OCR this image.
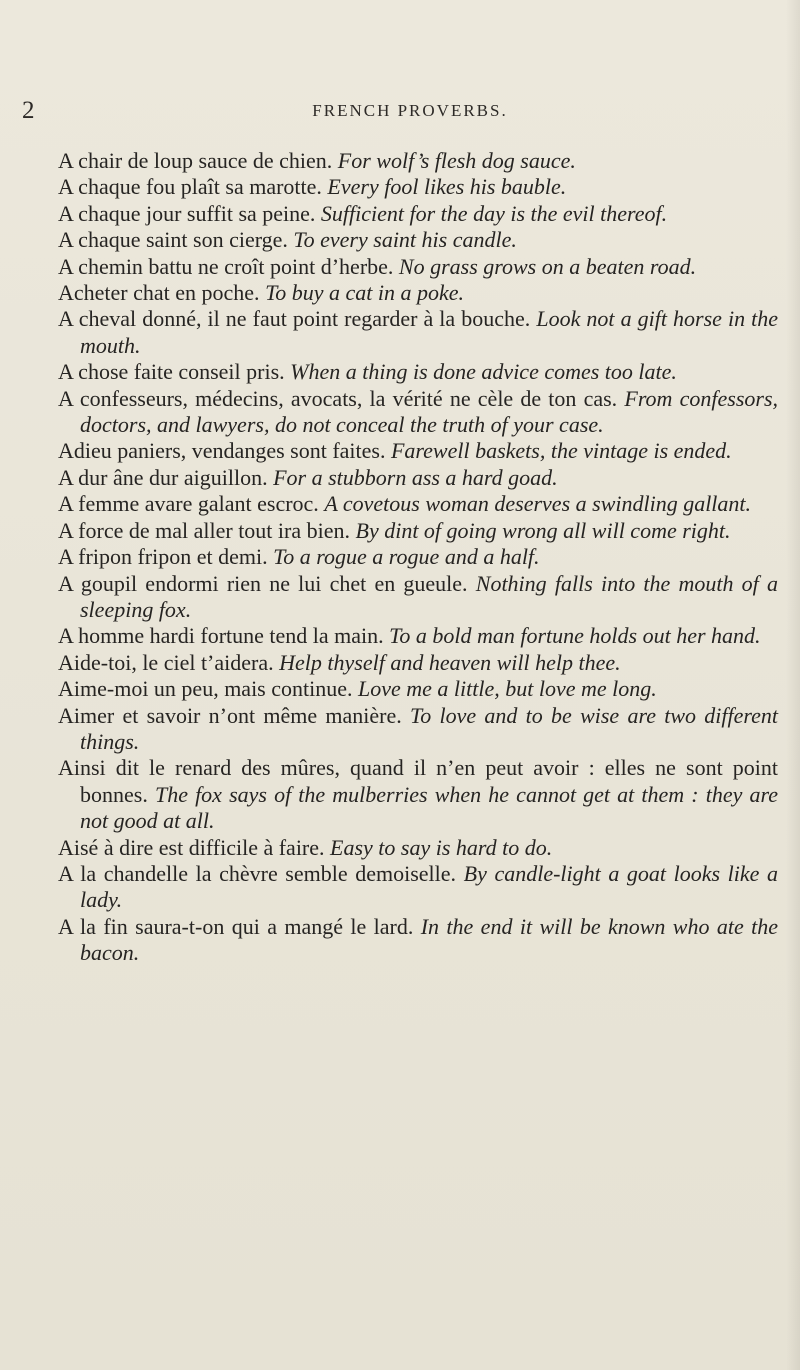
2	FRENCH PROVERBS.
A chair de loup sauce de chien. For wolf’s flesh dog sauce.
A chaque fou plaît sa marotte. Every fool likes his bauble.
A chaque jour suffit sa peine. Sufficient for the day is the evil thereof.
A chaque saint son cierge. To every saint his candle.
A chemin battu ne croît point d’herbe. No grass grows on a beaten road.
Acheter chat en poche. To buy a cat in a poke.
A cheval donné, il ne faut point regarder à la bouche. Look not a gift horse in the mouth.
A chose faite conseil pris. When a thing is done advice comes too late.
A confesseurs, médecins, avocats, la vérité ne cèle de ton cas. From confessors, doctors, and lawyers, do not conceal the truth of your case.
Adieu paniers, vendanges sont faites. Farewell baskets, the vintage is ended.
A dur âne dur aiguillon. For a stubborn ass a hard goad.
A femme avare galant escroc. A covetous woman deserves a swindling gallant.
A force de mal aller tout ira bien. By dint of going wrong all will come right.
A fripon fripon et demi. To a rogue a rogue and a half.
A goupil endormi rien ne lui chet en gueule. Nothing falls into the mouth of a sleeping fox.
A homme hardi fortune tend la main. To a bold man fortune holds out her hand.
Aide-toi, le ciel t’aidera. Help thyself and heaven will help thee.
Aime-moi un peu, mais continue. Love me a little, but love me long.
Aimer et savoir n’ont même manière. To love and to be wise are two different things.
Ainsi dit le renard des mûres, quand il n’en peut avoir : elles ne sont point bonnes. The fox says of the mulberries when he cannot get at them : they are not good at all.
Aisé à dire est difficile à faire. Easy to say is hard to do.
A la chandelle la chèvre semble demoiselle. By candle-light a goat looks like a lady.
A la fin saura-t-on qui a mangé le lard. In the end it will be known who ate the bacon.
